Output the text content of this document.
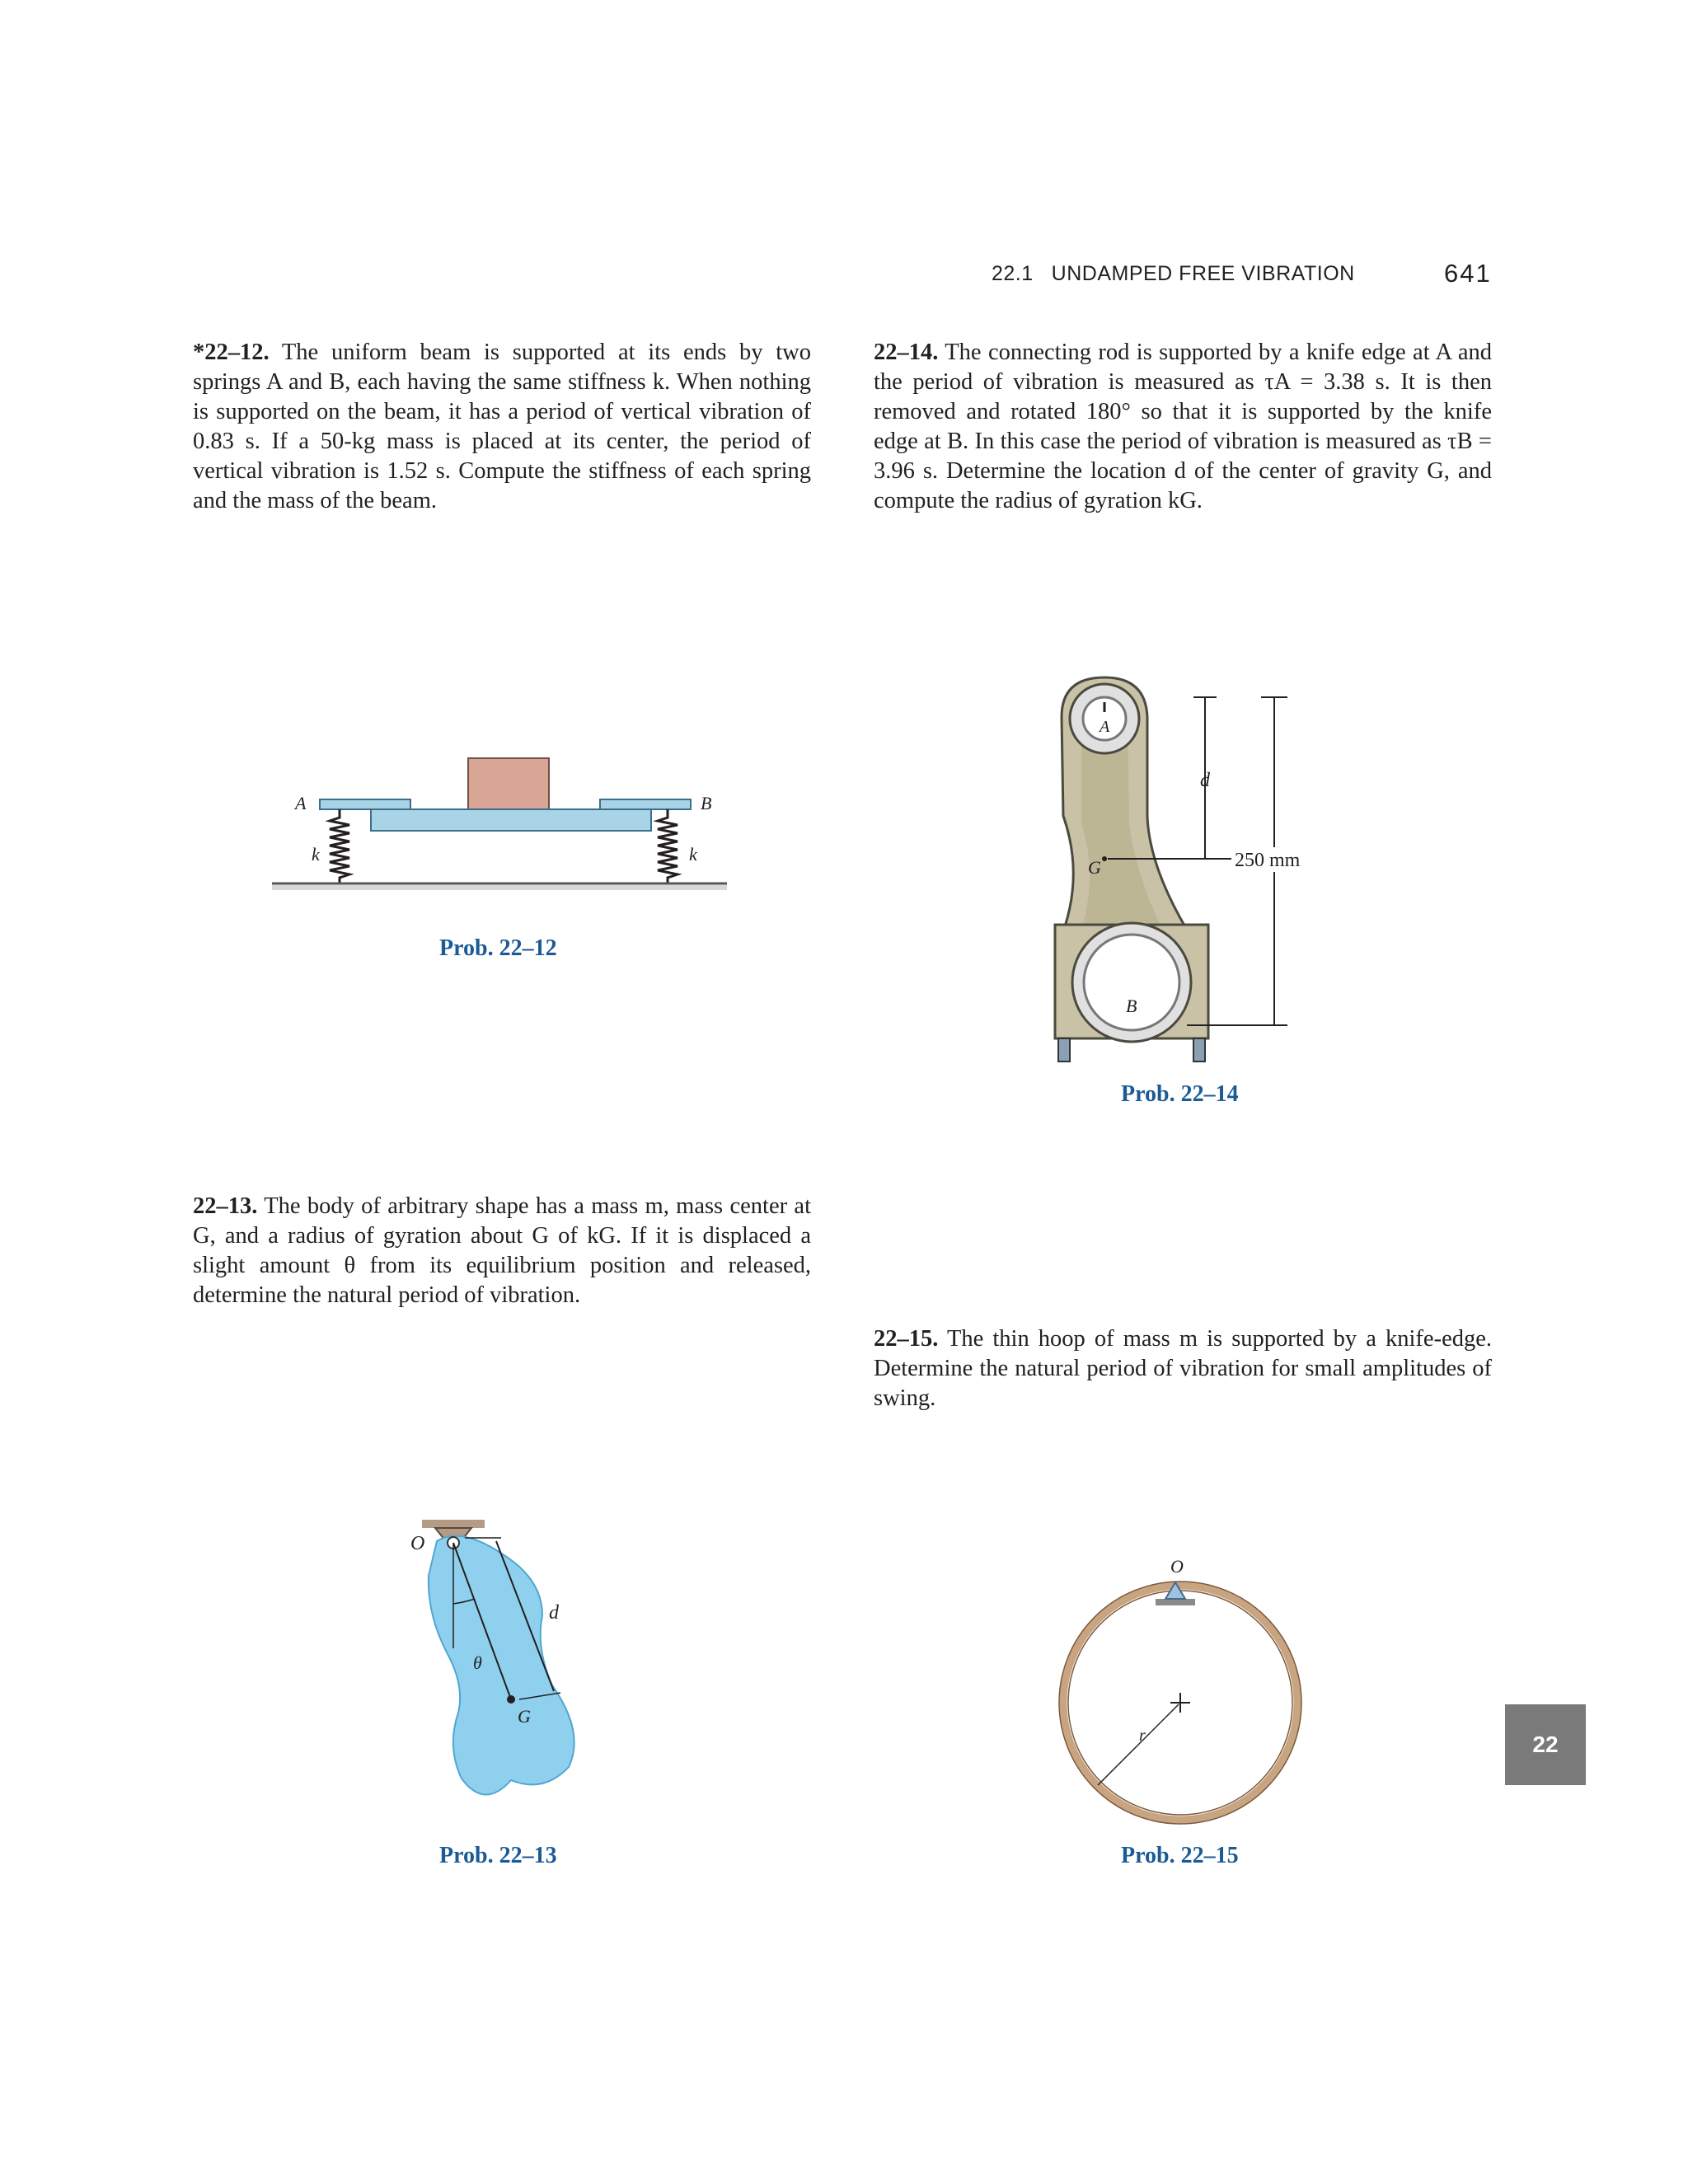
22.1 UNDAMPED FREE VIBRATION	641
*22–12. The uniform beam is supported at its ends by two springs A and B, each having the same stiffness k. When nothing is supported on the beam, it has a period of vertical vibration of 0.83 s. If a 50-kg mass is placed at its center, the period of vertical vibration is 1.52 s. Compute the stiffness of each spring and the mass of the beam.
22–14. The connecting rod is supported by a knife edge at A and the period of vibration is measured as τA = 3.38 s. It is then removed and rotated 180° so that it is supported by the knife edge at B. In this case the period of vibration is measured as τB = 3.96 s. Determine the location d of the center of gravity G, and compute the radius of gyration kG.
22–13. The body of arbitrary shape has a mass m, mass center at G, and a radius of gyration about G of kG. If it is displaced a slight amount θ from its equilibrium position and released, determine the natural period of vibration.
22–15. The thin hoop of mass m is supported by a knife-edge. Determine the natural period of vibration for small amplitudes of swing.
A	B
k	k
Prob. 22–12
A
d
G
B
250 mm
Prob. 22–14
O
d
θ
G
Prob. 22–13
O
r
Prob. 22–15
22
